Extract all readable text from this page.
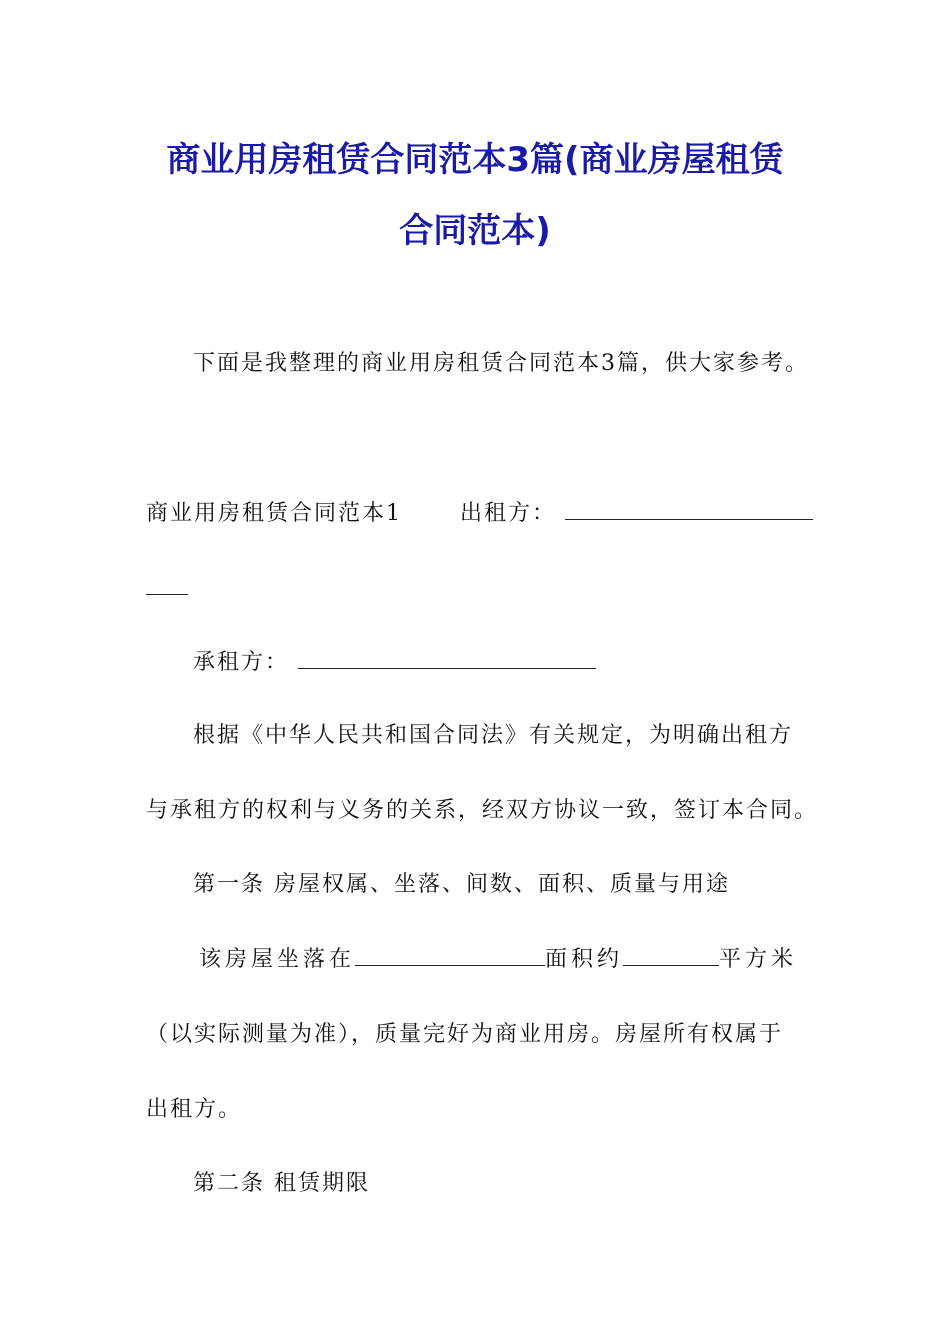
商业用房租赁合同范本3篇(商业房屋租赁
合同范本)
下面是我整理的商业用房租赁合同范本3篇，供大家参考。
商业用房租赁合同范本1	出租方：
承租方：
根据《中华人民共和国合同法》有关规定，为明确出租方
与承租方的权利与义务的关系，经双方协议一致，签订本合同。
第一条 房屋权属、坐落、间数、面积、质量与用途
该房屋坐落在	面积约	平方米
（以实际测量为准），质量完好为商业用房。房屋所有权属于
出租方。
第二条 租赁期限
